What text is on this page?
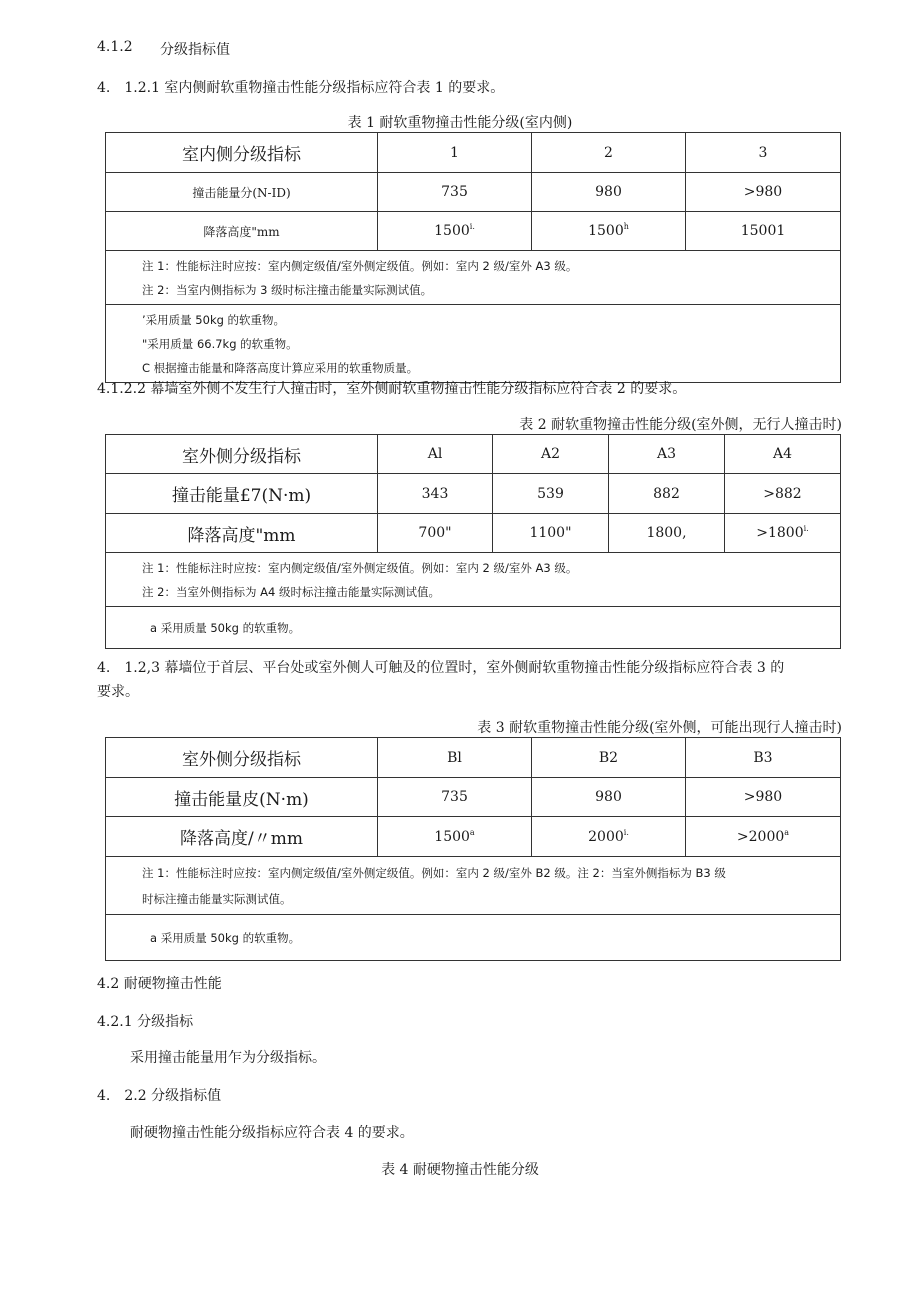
4.1.2 分级指标值
4.　1.2.1 室内侧耐软重物撞击性能分级指标应符合表 1 的要求。
表 1 耐软重物撞击性能分级(室内侧)
室内侧分级指标	1	2	3
撞击能量分(N-ID)	735	980	>980
降落高度"mm	$1500^{i.}$	1500$^h$	15001

注 1：性能标注时应按：室内侧定级值/室外侧定级值。例如：室内 2 级/室外 A3 级。
注 2：当室内侧指标为 3 级时标注撞击能量实际测试值。			

’采用质量 50kg 的软重物。
"采用质量 66.7kg 的软重物。
C 根据撞击能量和降落高度计算应采用的软重物质量。			
4.1.2.2 幕墙室外侧不发生行人撞击时，室外侧耐软重物撞击性能分级指标应符合表 2 的要求。
表 2 耐软重物撞击性能分级(室外侧，无行人撞击时)
室外侧分级指标	Al	A2	A3	A4
撞击能量£7(N·m)	343	539	882	>882
降落高度"mm	700"	1100"	1800,	$>1800^{i.}$

注 1：性能标注时应按：室内侧定级值/室外侧定级值。例如：室内 2 级/室外 A3 级。
注 2：当室外侧指标为 A4 级时标注撞击能量实际测试值。				

a 采用质量 50kg 的软重物。				
4.　1.2,3 幕墙位于首层、平台处或室外侧人可触及的位置时，室外侧耐软重物撞击性能分级指标应符合表 3 的
要求。
表 3 耐软重物撞击性能分级(室外侧，可能出现行人撞击时)
室外侧分级指标	Bl	B2	B3
撞击能量皮(N·m)	735	980	>980
降落高度/〃mm	1500$^a$	$2000^{i.}$	$>2000^a$

注 1：性能标注时应按：室内侧定级值/室外侧定级值。例如：室内 2 级/室外 B2 级。注 2：当室外侧指标为 B3 级
时标注撞击能量实际测试值。			

a 采用质量 50kg 的软重物。			
4.2 耐硬物撞击性能
4.2.1 分级指标
采用撞击能量用乍为分级指标。
4.　2.2 分级指标值
耐硬物撞击性能分级指标应符合表 4 的要求。
表 4 耐硬物撞击性能分级
